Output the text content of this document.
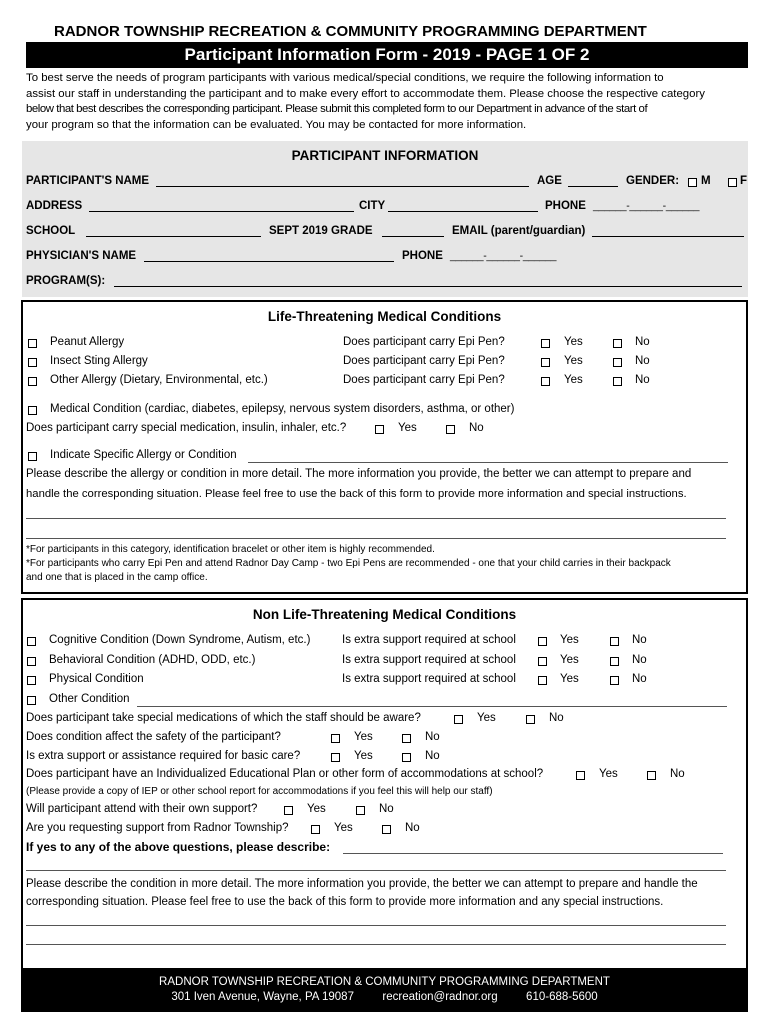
RADNOR TOWNSHIP RECREATION & COMMUNITY PROGRAMMING DEPARTMENT
Participant Information Form - 2019 - PAGE 1 OF 2
To best serve the needs of program participants with various medical/special conditions, we require the following information to
assist our staff in understanding the participant and to make every effort to accommodate them. Please choose the respective category
below that best describes the corresponding participant. Please submit this completed form to our Department in advance of the start of
your program so that the information can be evaluated. You may be contacted for more information.
PARTICIPANT INFORMATION
PARTICIPANT'S NAME	AGE	GENDER: M	F
ADDRESS	CITY	PHONE ______-______-______
SCHOOL	SEPT 2019 GRADE	EMAIL (parent/guardian)
PHYSICIAN'S NAME	PHONE ______-______-______
PROGRAM(S):
Life-Threatening Medical Conditions
Peanut Allergy	Does participant carry Epi Pen?	Yes	No
Insect Sting Allergy	Does participant carry Epi Pen?	Yes	No
Other Allergy (Dietary, Environmental, etc.)	Does participant carry Epi Pen?	Yes	No
Medical Condition (cardiac, diabetes, epilepsy, nervous system disorders, asthma, or other)
Does participant carry special medication, insulin, inhaler, etc.?	Yes	No
Indicate Specific Allergy or Condition
Please describe the allergy or condition in more detail. The more information you provide, the better we can attempt to prepare and
handle the corresponding situation. Please feel free to use the back of this form to provide more information and special instructions.
*For participants in this category, identification bracelet or other item is highly recommended.
*For participants who carry Epi Pen and attend Radnor Day Camp - two Epi Pens are recommended - one that your child carries in their backpack
and one that is placed in the camp office.
Non Life-Threatening Medical Conditions
Cognitive Condition (Down Syndrome, Autism, etc.)	Is extra support required at school	Yes	No
Behavioral Condition (ADHD, ODD, etc.)	Is extra support required at school	Yes	No
Physical Condition	Is extra support required at school	Yes	No
Other Condition
Does participant take special medications of which the staff should be aware?	Yes	No
Does condition affect the safety of the participant?	Yes	No
Is extra support or assistance required for basic care?	Yes	No
Does participant have an Individualized Educational Plan or other form of accommodations at school?	Yes	No
(Please provide a copy of IEP or other school report for accommodations if you feel this will help our staff)
Will participant attend with their own support?	Yes	No
Are you requesting support from Radnor Township?	Yes	No
If yes to any of the above questions, please describe:
Please describe the condition in more detail. The more information you provide, the better we can attempt to prepare and handle the
corresponding situation. Please feel free to use the back of this form to provide more information and any special instructions.
RADNOR TOWNSHIP RECREATION & COMMUNITY PROGRAMMING DEPARTMENT
301 Iven Avenue, Wayne, PA 19087 recreation@radnor.org 610-688-5600
